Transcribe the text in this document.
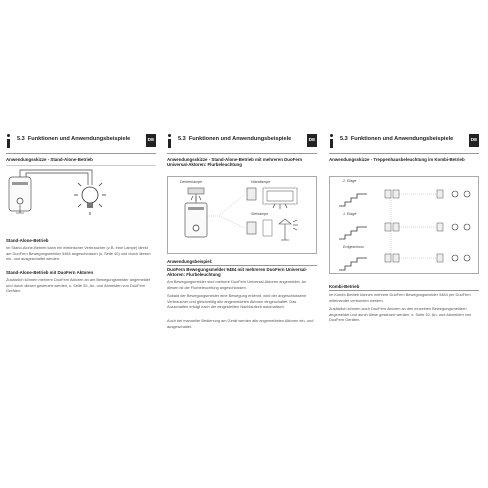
5.3 Funktionen und Anwendungsbeispiele	DE
Anwendungsskizze - Stand-Alone-Betrieb
Stand-Alone-Betrieb
Im Stand-Alone-Betrieb kann ein elektrischer Verbraucher (z.B. eine Lampe) direkt am DuoFern Bewegungsmelder 9484 angeschlossen (s. Seite 40) und durch diesen ein- und ausgeschaltet werden.
Stand-Alone-Betrieb mit DuoFern Aktoren
Zusätzlich können mehrere DuoFern Aktoren an am Bewegungsmelder angemeldet und durch diesen gesteuert werden, s. Seite 52, An- und Abmelden von DuoFern Geräten.
5.3 Funktionen und Anwendungsbeispiele	DE
Anwendungsskizze - Stand-Alone-Betrieb mit mehreren DuoFern Universal-Aktoren: Flurbeleuchtung
Deckenlampe	Wandlampe
Stehlampe
Anwendungsbeispiel:
DuoFern Bewegungsmelder 9484 mit mehreren DuoFern Universal-Aktoren: Flurbeleuchtung
Am Bewegungsmelder sind mehrere DuoFern Universal-Aktoren angemeldet. An diesen ist die Flurbeleuchtung angeschlossen.
Sobald der Bewegungsmelder eine Bewegung erkennt, wird der angeschlossene Verbraucher und gleichzeitig alle angemeldeten Aktoren eingeschaltet. Das Ausschalten erfolgt nach der eingestellten Nachlaufzeit automatisch.
Auch bei manueller Bedienung am Gerät werden alle angemeldeten Aktoren ein- und ausgeschaltet.
5.3 Funktionen und Anwendungsbeispiele	DE
Anwendungsskizze - Treppenhausbeleuchtung im Kombi-Betrieb
2. Etage
1. Etage
Erdgeschoss
Kombi-Betrieb
Im Kombi-Betrieb können mehrere DuoFern Bewegungsmelder 9484 per DuoFern miteinander verbunden werden.
Zusätzlich können auch DuoFern Aktoren an den einzelnen Bewegungsmeldern angemeldet und durch diese gesteuert werden, s. Seite 52, An- und Abmelden von DuoFern Geräten.
